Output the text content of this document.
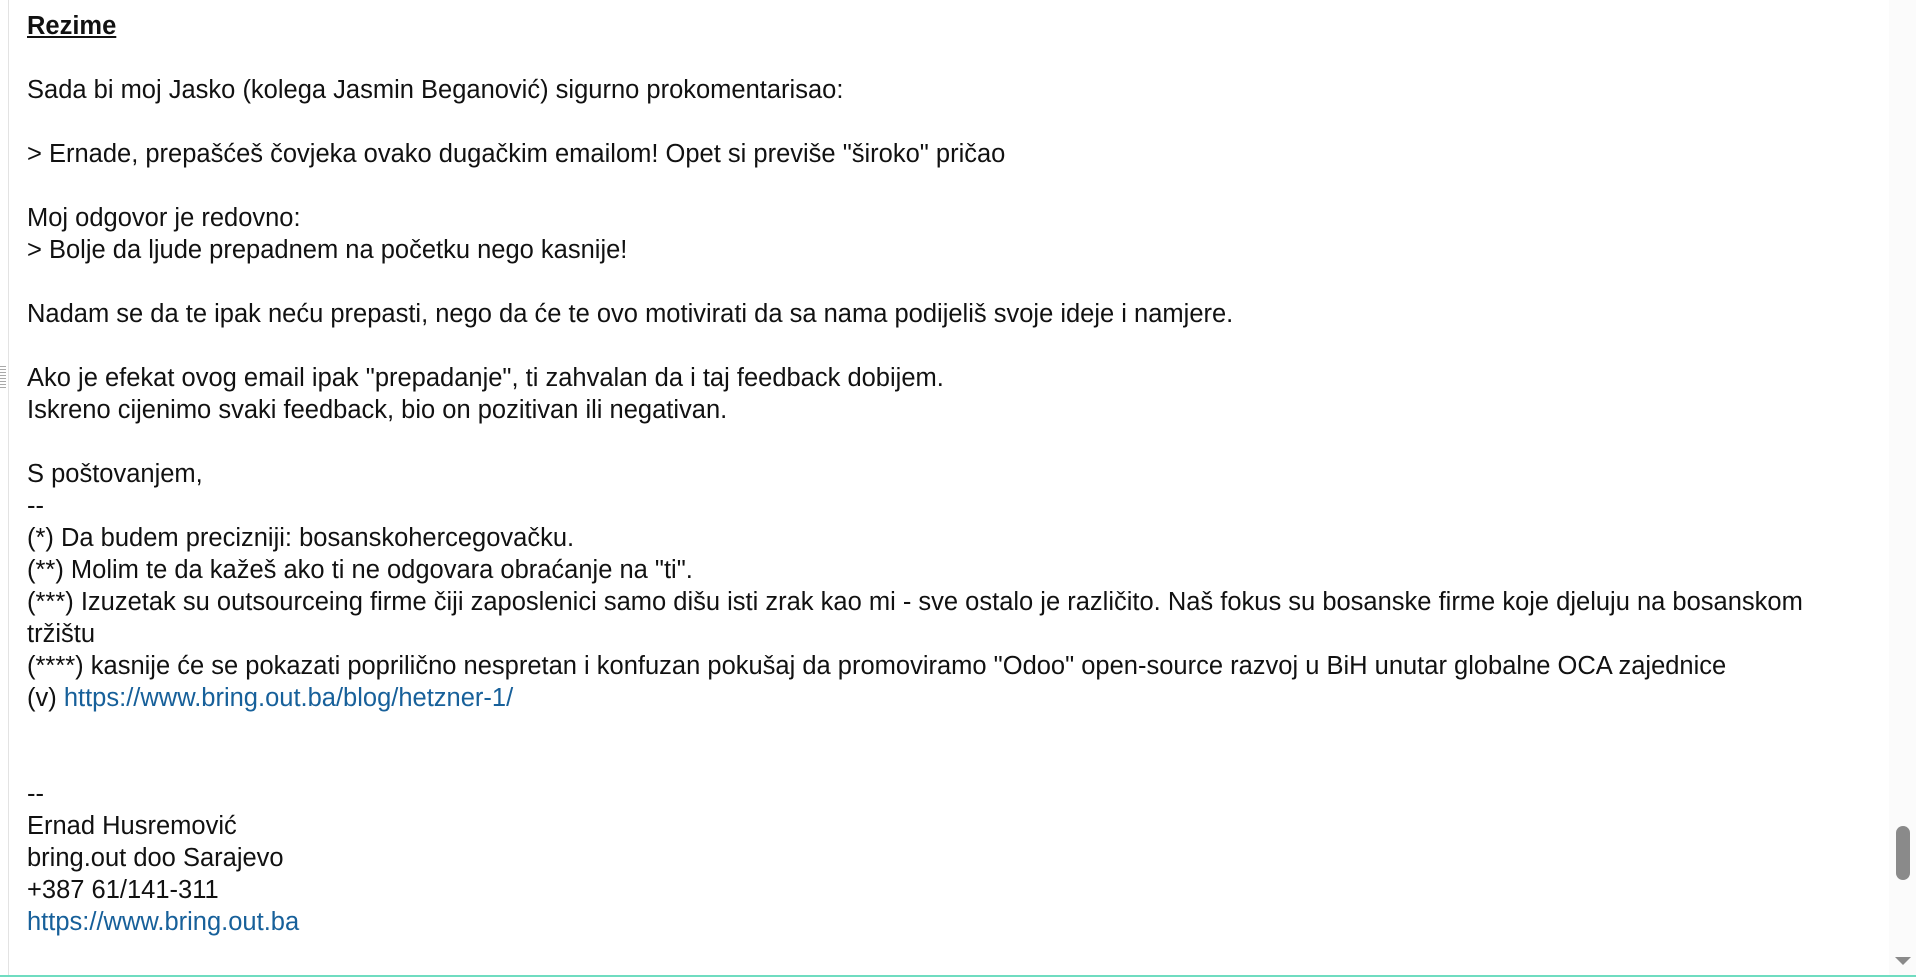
Rezime

Sada bi moj Jasko (kolega Jasmin Beganović) sigurno prokomentarisao:

> Ernade, prepašćeš čovjeka ovako dugačkim emailom! Opet si previše "široko" pričao

Moj odgovor je redovno:

> Bolje da ljude prepadnem na početku nego kasnije!

Nadam se da te ipak neću prepasti, nego da će te ovo motivirati da sa nama podijeliš svoje ideje i namjere.

Ako je efekat ovog email ipak "prepadanje", ti zahvalan da i taj feedback dobijem.

Iskreno cijenimo svaki feedback, bio on pozitivan ili negativan.

S poštovanjem,

--

(*) Da budem precizniji: bosanskohercegovačku.

(**) Molim te da kažeš ako ti ne odgovara obraćanje na "ti".

(***) Izuzetak su outsourceing firme čiji zaposlenici samo dišu isti zrak kao mi - sve ostalo je različito. Naš fokus su bosanske firme koje djeluju na bosanskom tržištu

(****) kasnije će se pokazati poprilično nespretan i konfuzan pokušaj da promoviramo "Odoo" open-source razvoj u BiH unutar globalne OCA zajednice

(v) https://www.bring.out.ba/blog/hetzner-1/

--

Ernad Husremović

bring.out doo Sarajevo

+387 61/141-311

https://www.bring.out.ba
